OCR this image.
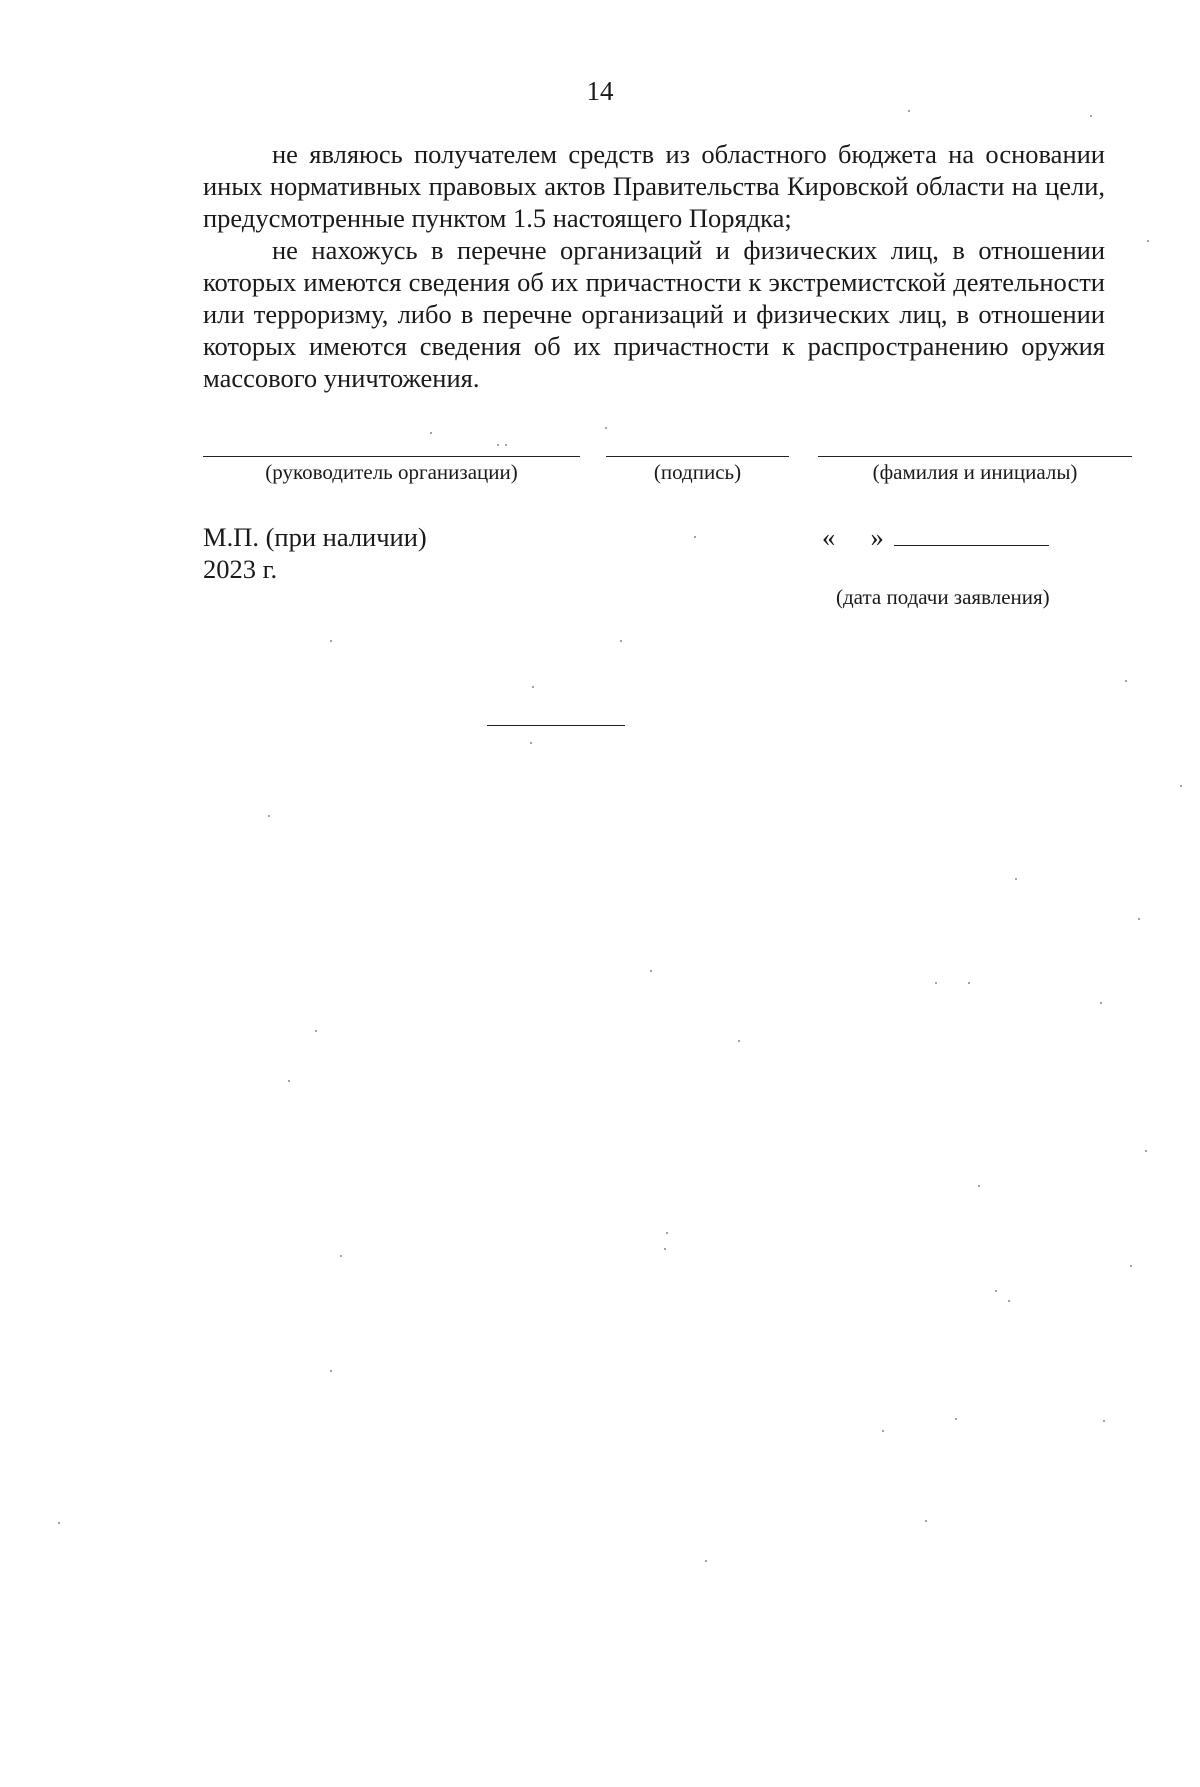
14

не являюсь получателем средств из областного бюджета на основании иных нормативных правовых актов Правительства Кировской области на цели, предусмотренные пунктом 1.5 настоящего Порядка;

не нахожусь в перечне организаций и физических лиц, в отношении которых имеются сведения об их причастности к экстремистской деятельности или терроризму, либо в перечне организаций и физических лиц, в отношении которых имеются сведения об их причастности к распространению оружия массового уничтожения.

(руководитель организации)	(подпись)	(фамилия и инициалы)
М.П. (при наличии)
2023 г.
« »
(дата подачи заявления)
